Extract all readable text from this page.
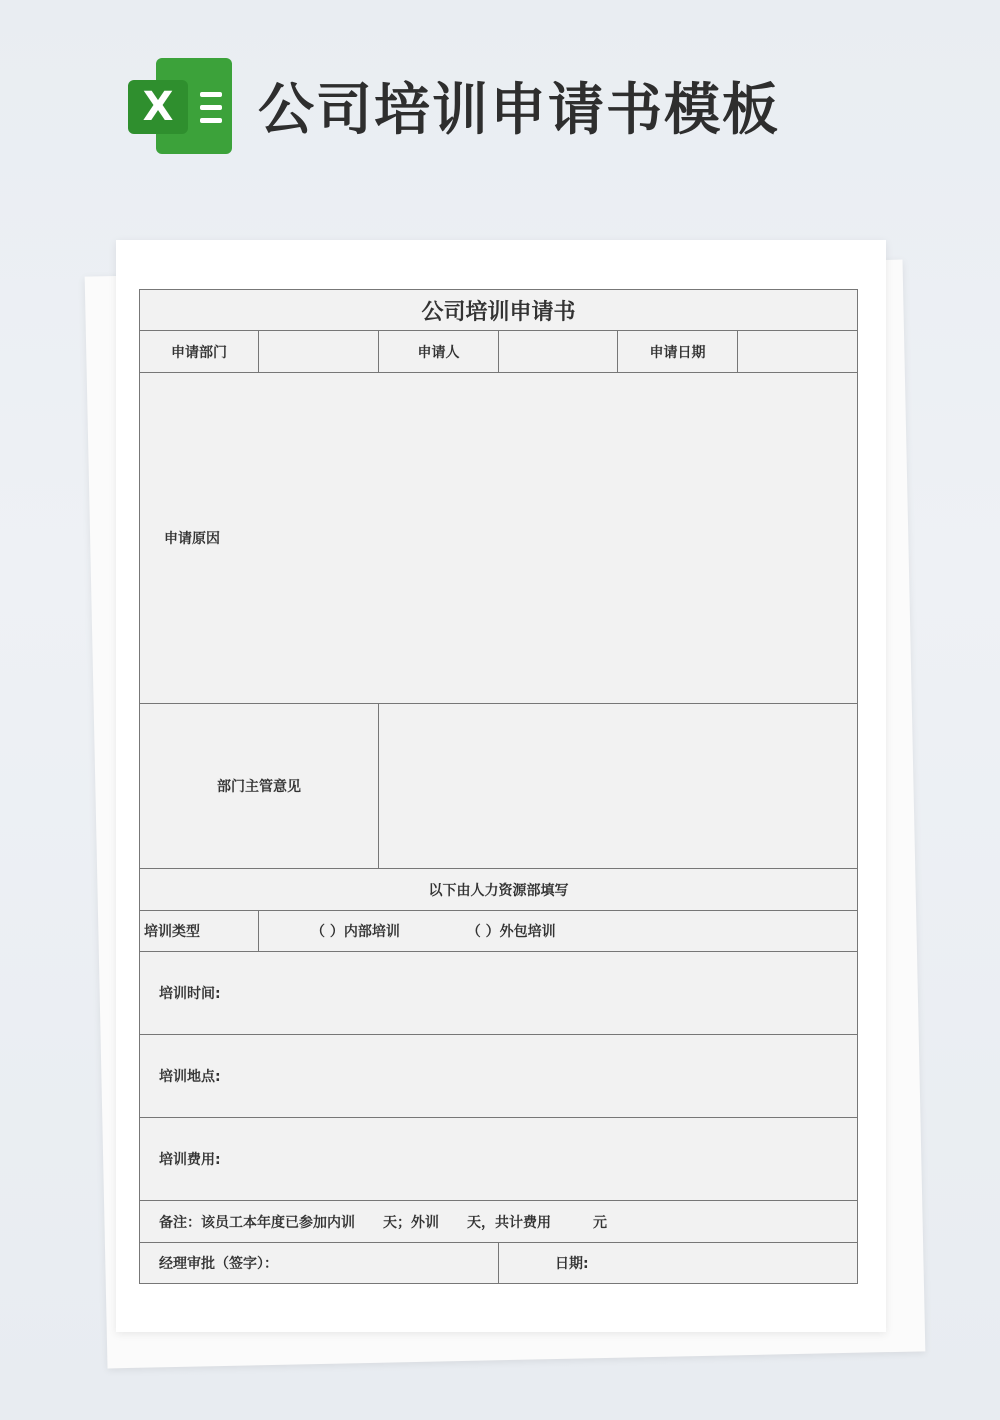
X 公司培训申请书模板
公司培训申请书					
申请部门		申请人		申请日期	
申请原因					
部门主管意见					
以下由人力资源部填写					
培训类型	（ ）内部培训 （ ）外包培训				
培训时间:					
培训地点:					
培训费用:					
备注：该员工本年度已参加内训　　天；外训　　天，共计费用　　　元					
经理审批（签字）：			日期:		
